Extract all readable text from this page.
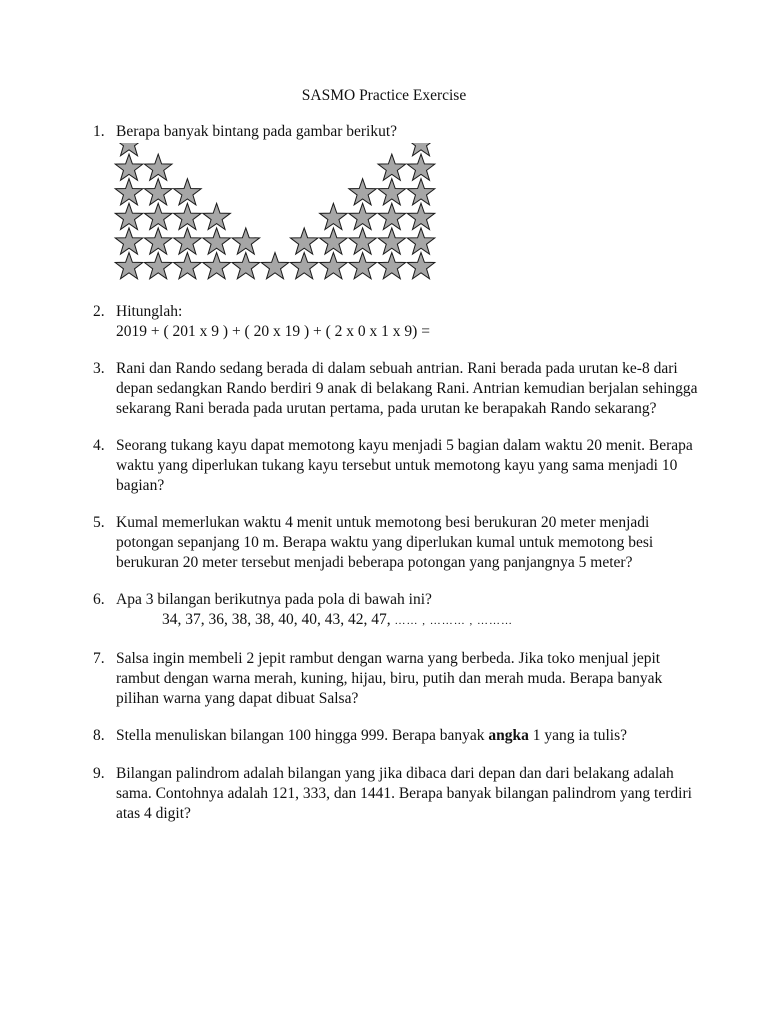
SASMO Practice Exercise
1. Berapa banyak bintang pada gambar berikut?
2. Hitunglah:
2019 + ( 201 x 9 ) + ( 20 x 19 ) + ( 2 x 0 x 1 x 9) =
3. Rani dan Rando sedang berada di dalam sebuah antrian. Rani berada pada urutan ke-8 dari
depan sedangkan Rando berdiri 9 anak di belakang Rani. Antrian kemudian berjalan sehingga
sekarang Rani berada pada urutan pertama, pada urutan ke berapakah Rando sekarang?
4. Seorang tukang kayu dapat memotong kayu menjadi 5 bagian dalam waktu 20 menit. Berapa
waktu yang diperlukan tukang kayu tersebut untuk memotong kayu yang sama menjadi 10
bagian?
5. Kumal memerlukan waktu 4 menit untuk memotong besi berukuran 20 meter menjadi
potongan sepanjang 10 m. Berapa waktu yang diperlukan kumal untuk memotong besi
berukuran 20 meter tersebut menjadi beberapa potongan yang panjangnya 5 meter?
6. Apa 3 bilangan berikutnya pada pola di bawah ini?
34, 37, 36, 38, 38, 40, 40, 43, 42, 47, …… , ……… , ………
7. Salsa ingin membeli 2 jepit rambut dengan warna yang berbeda. Jika toko menjual jepit
rambut dengan warna merah, kuning, hijau, biru, putih dan merah muda. Berapa banyak
pilihan warna yang dapat dibuat Salsa?
8. Stella menuliskan bilangan 100 hingga 999. Berapa banyak angka 1 yang ia tulis?
9. Bilangan palindrom adalah bilangan yang jika dibaca dari depan dan dari belakang adalah
sama. Contohnya adalah 121, 333, dan 1441. Berapa banyak bilangan palindrom yang terdiri
atas 4 digit?
